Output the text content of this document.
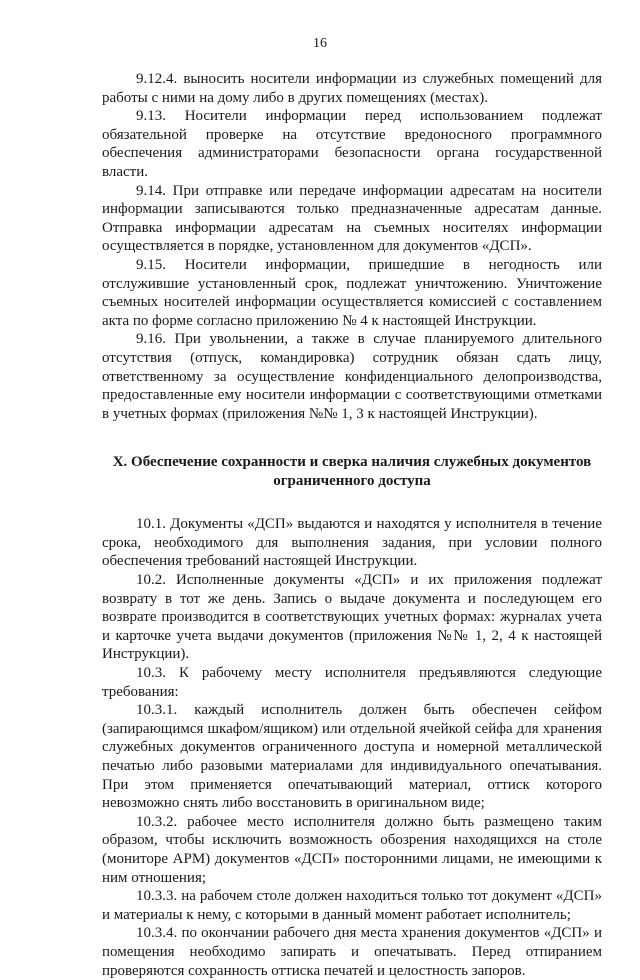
16

9.12.4. выносить носители информации из служебных помещений для работы с ними на дому либо в других помещениях (местах).

9.13. Носители информации перед использованием подлежат обязательной проверке на отсутствие вредоносного программного обеспечения администраторами безопасности органа государственной власти.

9.14. При отправке или передаче информации адресатам на носители информации записываются только предназначенные адресатам данные. Отправка информации адресатам на съемных носителях информации осуществляется в порядке, установленном для документов «ДСП».

9.15. Носители информации, пришедшие в негодность или отслужившие установленный срок, подлежат уничтожению. Уничтожение съемных носителей информации осуществляется комиссией с составлением акта по форме согласно приложению № 4 к настоящей Инструкции.

9.16. При увольнении, а также в случае планируемого длительного отсутствия (отпуск, командировка) сотрудник обязан сдать лицу, ответственному за осуществление конфиденциального делопроизводства, предоставленные ему носители информации с соответствующими отметками в учетных формах (приложения №№ 1, 3 к настоящей Инструкции).

X. Обеспечение сохранности и сверка наличия служебных документов
ограниченного доступа

10.1. Документы «ДСП» выдаются и находятся у исполнителя в течение срока, необходимого для выполнения задания, при условии полного обеспечения требований настоящей Инструкции.

10.2. Исполненные документы «ДСП» и их приложения подлежат возврату в тот же день. Запись о выдаче документа и последующем его возврате производится в соответствующих учетных формах: журналах учета и карточке учета выдачи документов (приложения №№ 1, 2, 4 к настоящей Инструкции).

10.3. К рабочему месту исполнителя предъявляются следующие требования:

10.3.1. каждый исполнитель должен быть обеспечен сейфом (запирающимся шкафом/ящиком) или отдельной ячейкой сейфа для хранения служебных документов ограниченного доступа и номерной металлической печатью либо разовыми материалами для индивидуального опечатывания. При этом применяется опечатывающий материал, оттиск которого невозможно снять либо восстановить в оригинальном виде;

10.3.2. рабочее место исполнителя должно быть размещено таким образом, чтобы исключить возможность обозрения находящихся на столе (мониторе АРМ) документов «ДСП» посторонними лицами, не имеющими к ним отношения;

10.3.3. на рабочем столе должен находиться только тот документ «ДСП» и материалы к нему, с которыми в данный момент работает исполнитель;

10.3.4. по окончании рабочего дня места хранения документов «ДСП» и помещения необходимо запирать и опечатывать. Перед отпиранием проверяются сохранность оттиска печатей и целостность запоров.
